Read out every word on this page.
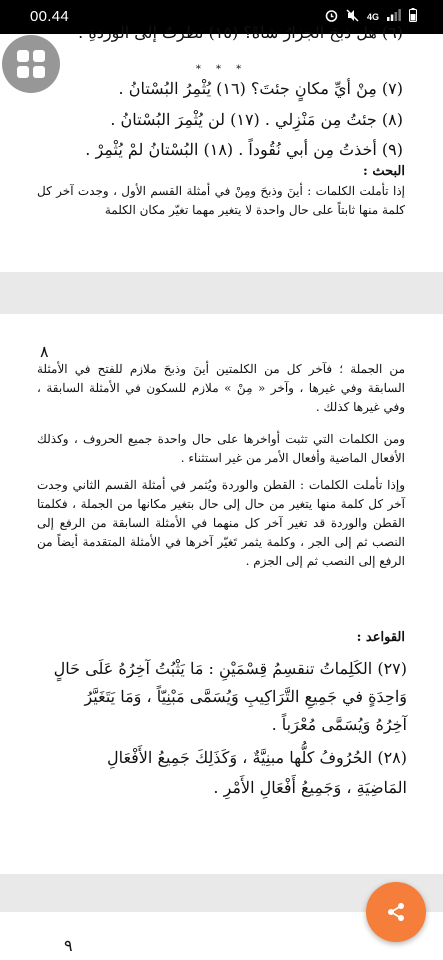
00.44	4G
(٦) هل ذبحَ الجزارُ شاةً؟ (١٥) نظرتُ إلى الوردةِ .
* * *
(٧) مِنْ أيِّ مكانٍ جئتَ؟ (١٦) يُثْمِرُ البُسْتانُ .
(٨) جئتُ مِن مَنْزِلي . (١٧) لن يُثْمِرَ البُسْتانُ .
(٩) أخذتُ مِن أبي نُقُوداً . (١٨) البُسْتانُ لمْ يُثْمِرْ .
البحث :

إذا تأملت الكلمات : أينَ وذبحَ ومِنْ في أمثلة القسم الأول ، وجدت آخر كل كلمة منها ثابتاً على حال واحدة لا يتغير مهما تغيّر مكان الكلمة

٨

من الجملة ؛ فآخر كل من الكلمتين أينَ وذبحَ ملازم للفتح في الأمثلة السابقة وفي غيرها ، وآخر « مِنْ » ملازم للسكون في الأمثلة السابقة ، وفي غيرها كذلك .

ومن الكلمات التي تثبت أواخرها على حال واحدة جميع الحروف ، وكذلك الأفعال الماضية وأفعال الأمر من غير استثناء .

وإذا تأملت الكلمات : القطن والوردة ويُثمر في أمثلة القسم الثاني وجدت آخر كل كلمة منها يتغير من حال إلى حال بتغير مكانها من الجملة ، فكلمتا القطن والوردة قد تغير آخر كل منهما في الأمثلة السابقة من الرفع إلى النصب ثم إلى الجر ، وكلمة يثمر تَغيّر آخرها في الأمثلة المتقدمة أيضاً من الرفع إلى النصب ثم إلى الجزم .

القواعد :
(٢٧) الكَلِماتُ تنقسِمُ قِسْمَيْنِ : مَا يَثْبُتُ آخِرُهُ عَلَى حَالٍ
وَاحِدَةٍ في جَمِيعِ التَّرَاكِيبِ وَيُسَمَّى مَبْنِيّاً ، وَمَا يَتَغَيَّرُ
آخِرُهُ وَيُسَمَّى مُعْرَباً .
(٢٨) الحُرُوفُ كلُّها مبنِيَّةٌ ، وَكَذَلِكَ جَمِيعُ الأَفْعَالِ
المَاضِيَةِ ، وَجَمِيعُ أَفْعَالِ الأَمْرِ .
٩
